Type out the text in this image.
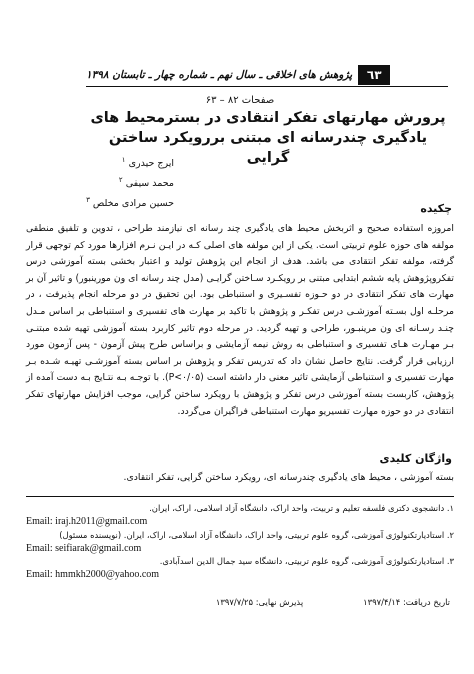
٦٣
پژوهش های اخلاقی ـ سال نهم ـ شماره چهار ـ تابستان ۱۳۹۸
صفحات ۸۲ – ۶۳
پرورش مهارتهای تفکر انتقادی در بسترمحیط های
یادگیری چندرسانه ای مبتنی بررویکرد ساختن گرایی
ایرج حیدری $^۱$
محمد سیفی $^۲$
حسین مرادی مخلص $^۳$
چکیده
امروزه استفاده صحیح و اثربخش محیط های یادگیری چند رسانه ای نیازمند طراحی ، تدوین و تلفیق منطقی مولفه های حوزه علوم تربیتی است. یکی از این مولفه های اصلی کـه در ایـن نـرم افزارها مورد کم توجهی قرار گرفته، مولفه تفکر انتقادی می باشد. هدف از انجام این پژوهش تولید و اعتبار بخشی بسته آموزشی درس تفکروپژوهش پایه ششم ابتدایی مبتنی بر رویکـرد سـاختن گرایـی (مدل چند رسانه ای ون مورینبور) و تاثیر آن بر مهارت های تفکر انتقادی در دو حـوزه تفسـیری و استنباطی بود. این تحقیق در دو مرحله انجام پذیرفت ، در مرحلـه اول بسـته آموزشـی درس تفکـر و پژوهش با تاکید بر مهارت های تفسیری و استنباطی بر اساس مـدل چنـد رسـانه ای ون مرینبـور، طراحی و تهیه گردید. در مرحله دوم تاثیر کاربرد بسته آموزشی تهیه شده مبتنـی بـر مهـارت هـای تفسیری و استنباطی به روش نیمه آزمایشی و براساس طرح پیش آزمون - پس آزمون مورد ارزیابی قرار گرفت. نتایج حاصل نشان داد که تدریس تفکر و پژوهش بر اساس بسته آموزشـی تهیـه شـده بـر مهارت تفسیری و استنباطی آزمایشی تاثیر معنی دار داشته است (P<۰/۰۵). با توجـه بـه نتـایج بـه دست آمده از پژوهش، کاربست بسته آموزشی درس تفکر و پژوهش با رویکرد ساختن گرایی، موجب افزایش مهارتهای تفکر انتقادی در دو حوزه مهارت تفسیریو مهارت استنباطی فراگیران می‌گردد.
واژگان کلیدی
بسته آموزشی ، محیط های یادگیری چندرسانه ای، رویکرد ساختن گرایی، تفکر انتقادی.
۱. دانشجوی دکتری فلسفه تعلیم و تربیت، واحد اراک، دانشگاه آزاد اسلامی، اراک، ایران.
Email: iraj.h2011@gmail.com
۲. استادیارتکنولوژی آموزشی، گروه علوم تربیتی، واحد اراک، دانشگاه آزاد اسلامی، اراک، ایران. (نویسنده مسئول)
Email: seifiarak@gmail.com
۳. استادیارتکنولوژی آموزشی، گروه علوم تربیتی، دانشگاه سید جمال الدین اسدآبادی.
Email: hmmkh2000@yahoo.com
تاریخ دریافت: ۱۳۹۷/۴/۱۴
پذیرش نهایی: ۱۳۹۷/۷/۲۵
